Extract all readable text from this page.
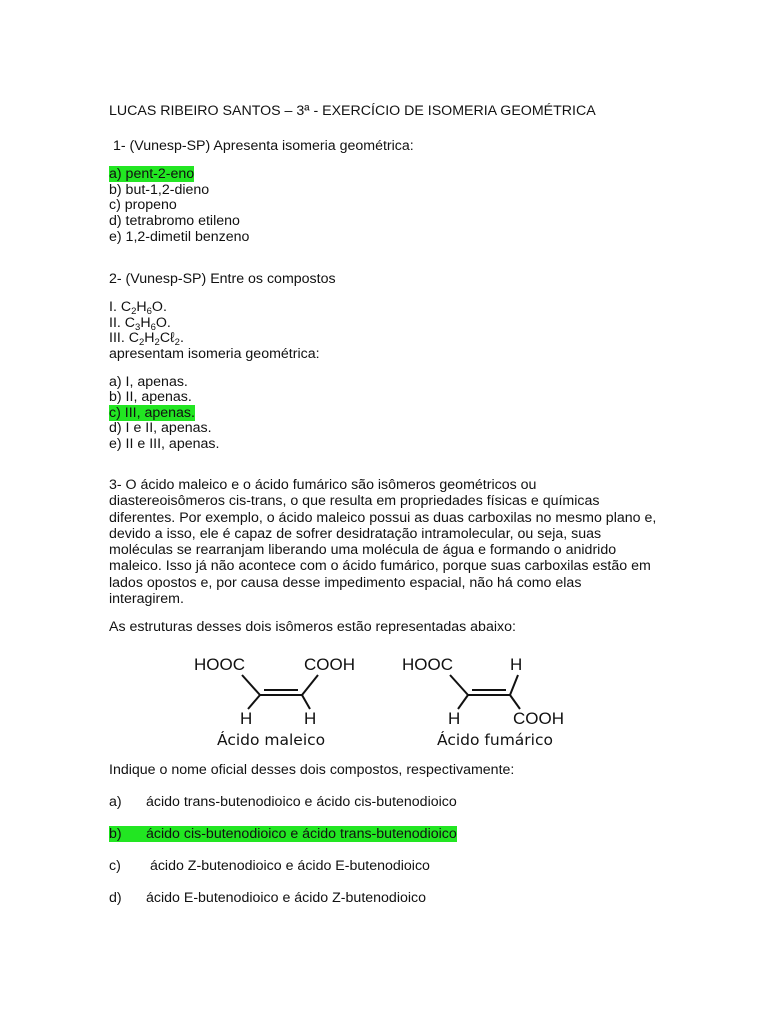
LUCAS RIBEIRO SANTOS – 3ª - EXERCÍCIO DE ISOMERIA GEOMÉTRICA
1- (Vunesp-SP) Apresenta isomeria geométrica:
a) pent-2-eno
b) but-1,2-dieno
c) propeno
d) tetrabromo etileno
e) 1,2-dimetil benzeno
2- (Vunesp-SP) Entre os compostos
I. $C_2H_6O$.
II. $C_3H_6O$.
III. $C_2H_2C\ell_2$.
apresentam isomeria geométrica:
a) I, apenas.
b) II, apenas.
c) III, apenas.
d) I e II, apenas.
e) II e III, apenas.
3- O ácido maleico e o ácido fumárico são isômeros geométricos ou
diastereoisômeros cis-trans, o que resulta em propriedades físicas e químicas
diferentes. Por exemplo, o ácido maleico possui as duas carboxilas no mesmo plano e,
devido a isso, ele é capaz de sofrer desidratação intramolecular, ou seja, suas
moléculas se rearranjam liberando uma molécula de água e formando o anidrido
maleico. Isso já não acontece com o ácido fumárico, porque suas carboxilas estão em
lados opostos e, por causa desse impedimento espacial, não há como elas
interagirem.
As estruturas desses dois isômeros estão representadas abaixo:
HOOC	COOH
H	H
Ácido maleico
HOOC	H
H	COOH
Ácido fumárico
Indique o nome oficial desses dois compostos, respectivamente:
a) ácido trans-butenodioico e ácido cis-butenodioico
b) ácido cis-butenodioico e ácido trans-butenodioico
c) ácido Z-butenodioico e ácido E-butenodioico
d) ácido E-butenodioico e ácido Z-butenodioico
